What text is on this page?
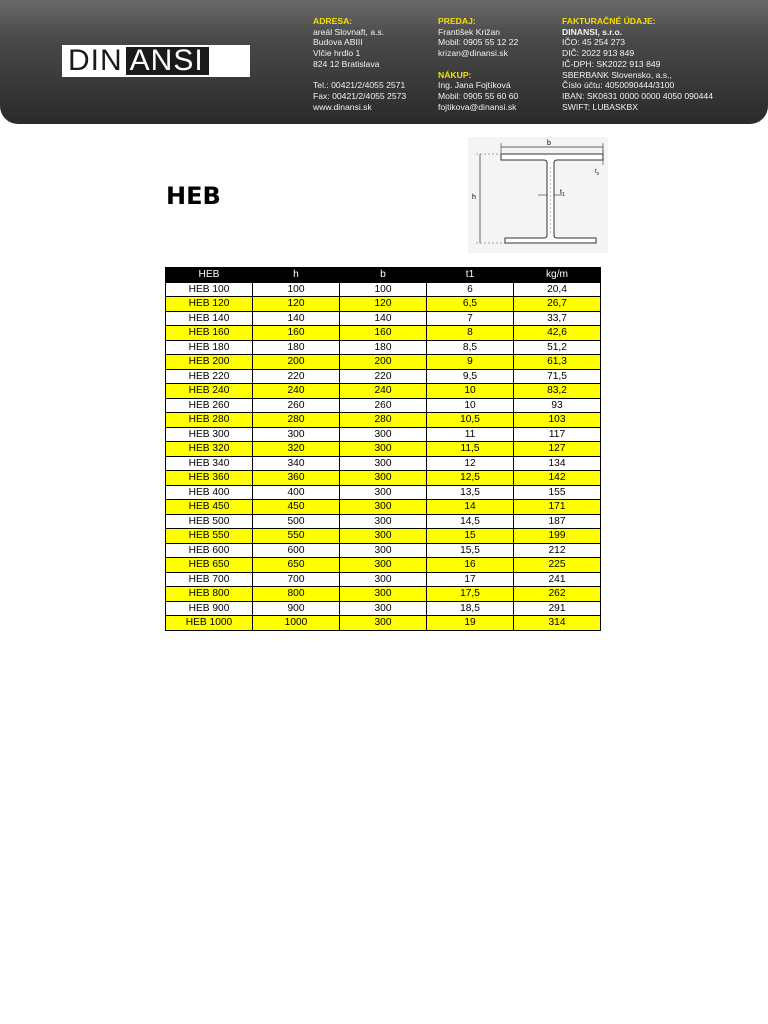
DIN ANSI
ADRESA:
areál Slovnaft, a.s.
Budova ABIII
Vlčie hrdlo 1
824 12 Bratislava
Tel.: 00421/2/4055 2571
Fax: 00421/2/4055 2573
www.dinansi.sk
PREDAJ:
František Križan
Mobil: 0905 55 12 22
krizan@dinansi.sk
NÁKUP:
Ing. Jana Fojtíková
Mobil: 0905 55 60 60
fojtikova@dinansi.sk
FAKTURAČNÉ ÚDAJE:
DINANSI, s.r.o.
IČO: 45 254 273
DIČ: 2022 913 849
IČ-DPH: SK2022 913 849
SBERBANK Slovensko, a.s.,
Číslo účtu: 4050090444/3100
IBAN: SK0631 0000 0000 4050 090444
SWIFT: LUBASKBX
HEB
b
h
$t_1$
$t_2$
HEB	h	b	t1	kg/m
HEB 100	100	100	6	20,4
HEB 120	120	120	6,5	26,7
HEB 140	140	140	7	33,7
HEB 160	160	160	8	42,6
HEB 180	180	180	8,5	51,2
HEB 200	200	200	9	61,3
HEB 220	220	220	9,5	71,5
HEB 240	240	240	10	83,2
HEB 260	260	260	10	93
HEB 280	280	280	10,5	103
HEB 300	300	300	11	117
HEB 320	320	300	11,5	127
HEB 340	340	300	12	134
HEB 360	360	300	12,5	142
HEB 400	400	300	13,5	155
HEB 450	450	300	14	171
HEB 500	500	300	14,5	187
HEB 550	550	300	15	199
HEB 600	600	300	15,5	212
HEB 650	650	300	16	225
HEB 700	700	300	17	241
HEB 800	800	300	17,5	262
HEB 900	900	300	18,5	291
HEB 1000	1000	300	19	314
